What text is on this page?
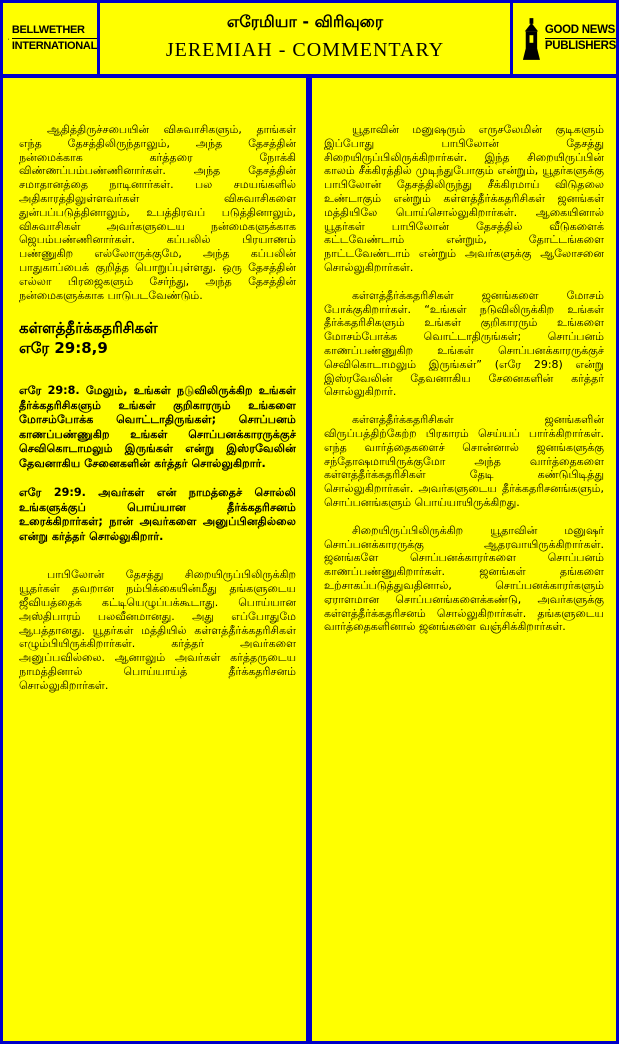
BELLWETHER
INTERNATIONAL
எரேமியா - விரிவுரை
JEREMIAH - COMMENTARY
GOOD NEWS
PUBLISHERS

ஆதித்திருச்சபையின் விசுவாசிகளும், தாங்கள் எந்த தேசத்திலிருந்தாலும், அந்த தேசத்தின் நன்மைக்காக கர்த்தரை நோக்கி விண்ணப்பம்பண்ணினார்கள். அந்த தேசத்தின் சமாதானத்தை நாடினார்கள். பல சமயங்களில் அதிகாரத்திலுள்ளவர்கள் விசுவாசிகளை துன்பப்படுத்தினாலும், உபத்திரவப் படுத்தினாலும், விசுவாசிகள் அவர்களுடைய நன்மைகளுக்காக ஜெபம்பண்ணினார்கள். கப்பலில் பிரயாணம் பண்ணுகிற எல்லோருக்குமே, அந்த கப்பலின் பாதுகாப்பைக் குறித்த பொறுப்புள்ளது. ஒரு தேசத்தின் எல்லா பிரஜைகளும் சேர்ந்து, அந்த தேசத்தின் நன்மைகளுக்காக பாடுபடவேண்டும்.

கள்ளத்தீர்க்கதரிசிகள்
எரே 29:8,9

எரே 29:8. மேலும், உங்கள் நடுவிலிருக்கிற உங்கள் தீர்க்கதரிசிகளும் உங்கள் குறிகாரரும் உங்களை மோசம்போக்க வொட்டாதிருங்கள்; சொப்பனம் காணப்பண்ணுகிற உங்கள் சொப்பனக்காரருக்குச் செவிகொடாமலும் இருங்கள் என்று இஸ்ரவேலின் தேவனாகிய சேனைகளின் கர்த்தர் சொல்லுகிறார்.

எரே 29:9. அவர்கள் என் நாமத்தைச் சொல்லி உங்களுக்குப் பொய்யான தீர்க்கதரிசனம் உரைக்கிறார்கள்; நான் அவர்களை அனுப்பினதில்லை என்று கர்த்தர் சொல்லுகிறார்.

பாபிலோன் தேசத்து சிறையிருப்பிலிருக்கிற யூதர்கள் தவறான நம்பிக்கையின்மீது தங்களுடைய ஜீவியத்தைக் கட்டியெழுப்பக்கூடாது. பொய்யான அஸ்திபாரம் பலவீனமானது. அது எப்போதுமே ஆபத்தானது. யூதர்கள் மத்தியில் கள்ளத்தீர்க்கதரிசிகள் எழும்பியிருக்கிறார்கள். கர்த்தர் அவர்களை அனுப்பவில்லை. ஆனாலும் அவர்கள் கர்த்தருடைய நாமத்தினால் பொய்யாய்த் தீர்க்கதரிசனம் சொல்லுகிறார்கள்.

யூதாவின் மனுஷரும் எருசலேமின் குடிகளும் இப்போது பாபிலோன் தேசத்து சிறையிருப்பிலிருக்கிறார்கள். இந்த சிறையிருப்பின் காலம் சீக்கிரத்தில் முடிந்துபோகும் என்றும், யூதர்களுக்கு பாபிலோன் தேசத்திலிருந்து சீக்கிரமாய் விடுதலை உண்டாகும் என்றும் கள்ளத்தீர்க்கதரிசிகள் ஜனங்கள் மத்தியிலே பொய்சொல்லுகிறார்கள். ஆகையினால் யூதர்கள் பாபிலோன் தேசத்தில் வீடுகளைக் கட்டவேண்டாம் என்றும், தோட்டங்களை நாட்டவேண்டாம் என்றும் அவர்களுக்கு ஆலோசனை சொல்லுகிறார்கள்.

கள்ளத்தீர்க்கதரிசிகள் ஜனங்களை மோசம் போக்குகிறார்கள். “உங்கள் நடுவிலிருக்கிற உங்கள் தீர்க்கதரிசிகளும் உங்கள் குறிகாரரும் உங்களை மோசம்போக்க வொட்டாதிருங்கள்; சொப்பனம் காணப்பண்ணுகிற உங்கள் சொப்பனக்காரருக்குச் செவிகொடாமலும் இருங்கள்” (எரே 29:8) என்று இஸ்ரவேலின் தேவனாகிய சேனைகளின் கர்த்தர் சொல்லுகிறார்.

கள்ளத்தீர்க்கதரிசிகள் ஜனங்களின் விருப்பத்திற்கேற்ற பிரகாரம் செய்யப் பார்க்கிறார்கள். எந்த வார்த்தைகளைச் சொன்னால் ஜனங்களுக்கு சந்தோஷமாயிருக்குமோ அந்த வார்த்தைகளை கள்ளத்தீர்க்கதரிசிகள் தேடி கண்டுபிடித்து சொல்லுகிறார்கள். அவர்களுடைய தீர்க்கதரிசனங்களும், சொப்பனங்களும் பொய்யாயிருக்கிறது.

சிறையிருப்பிலிருக்கிற யூதாவின் மனுஷர் சொப்பனக்காரருக்கு ஆதரவாயிருக்கிறார்கள். ஜனங்களே சொப்பனக்காரர்களை சொப்பனம் காணப்பண்ணுகிறார்கள். ஜனங்கள் தங்களை உற்சாகப்படுத்துவதினால், சொப்பனக்காரர்களும் ஏராளமான சொப்பனங்களைக்கண்டு, அவர்களுக்கு கள்ளத்தீர்க்கதரிசனம் சொல்லுகிறார்கள். தங்களுடைய வார்த்தைகளினால் ஜனங்களை வஞ்சிக்கிறார்கள்.
